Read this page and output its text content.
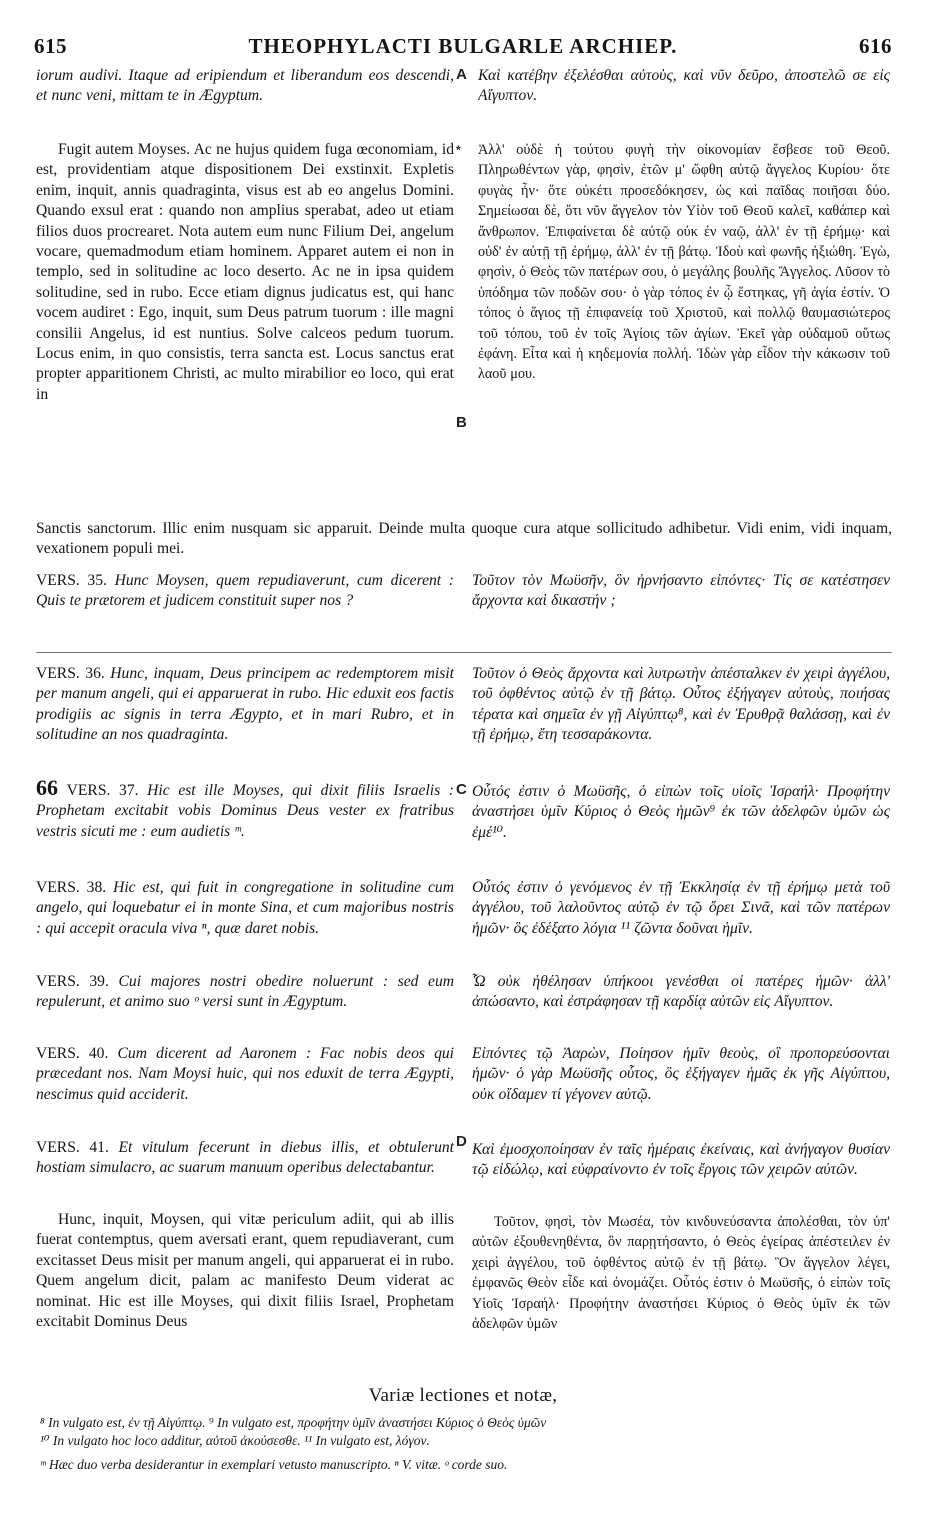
615	THEOPHYLACTI BULGARLE ARCHIEP.	616

iorum audivi. Itaque ad eripiendum et liberandum eos descendi, et nunc veni, mittam te in Ægyptum.

A Καὶ κατέβην ἐξελέσθαι αὐτοὺς, καὶ νῦν δεῦρο, ἀποστελῶ σε εἰς Αἴγυπτον.

Fugit autem Moyses. Ac ne hujus quidem fuga œconomiam, id est, providentiam atque dispositionem Dei exstinxit. Expletis enim, inquit, annis quadraginta, visus est ab eo angelus Domini. Quando exsul erat : quando non amplius sperabat, adeo ut etiam filios duos procrearet. Nota autem eum nunc Filium Dei, angelum vocare, quemadmodum etiam hominem. Apparet autem ei non in templo, sed in solitudine ac loco deserto. Ac ne in ipsa quidem solitudine, sed in rubo. Ecce etiam dignus judicatus est, qui hanc vocem audiret : Ego, inquit, sum Deus patrum tuorum : ille magni consilii Angelus, id est nuntius. Solve calceos pedum tuorum. Locus enim, in quo consistis, terra sancta est. Locus sanctus erat propter apparitionem Christi, ac multo mirabilior eo loco, qui erat in

*
B

Ἀλλ' οὐδὲ ἡ τούτου φυγὴ τὴν οἰκονομίαν ἔσβεσε τοῦ Θεοῦ. Πληρωθέντων γὰρ, φησὶν, ἐτῶν μ' ὤφθη αὐτῷ ἄγγελος Κυρίου· ὅτε φυγὰς ἦν· ὅτε οὐκέτι προσεδόκησεν, ὡς καὶ παῖδας ποιῆσαι δύο. Σημείωσαι δὲ, ὅτι νῦν ἄγγελον τὸν Υἱὸν τοῦ Θεοῦ καλεῖ, καθάπερ καὶ ἄνθρωπον. Ἐπιφαίνεται δὲ αὐτῷ οὐκ ἐν ναῷ, ἀλλ' ἐν τῇ ἐρήμῳ· καὶ οὐδ' ἐν αὐτῇ τῇ ἐρήμῳ, ἀλλ' ἐν τῇ βάτῳ. Ἰδοὺ καὶ φωνῆς ἠξιώθη. Ἐγὼ, φησὶν, ὁ Θεὸς τῶν πατέρων σου, ὁ μεγάλης βουλῆς Ἄγγελος. Λῦσον τὸ ὑπόδημα τῶν ποδῶν σου· ὁ γὰρ τόπος ἐν ᾧ ἕστηκας, γῆ ἁγία ἐστίν. Ὁ τόπος ὁ ἅγιος τῇ ἐπιφανείᾳ τοῦ Χριστοῦ, καὶ πολλῷ θαυμασιώτερος τοῦ τόπου, τοῦ ἐν τοῖς Ἁγίοις τῶν ἁγίων. Ἐκεῖ γὰρ οὐδαμοῦ οὕτως ἐφάνη. Εἶτα καὶ ἡ κηδεμονία πολλή. Ἰδὼν γὰρ εἶδον τὴν κάκωσιν τοῦ λαοῦ μου.

Sanctis sanctorum. Illic enim nusquam sic apparuit. Deinde multa quoque cura atque sollicitudo adhibetur. Vidi enim, vidi inquam, vexationem populi mei.

VERS. 35. Hunc Moysen, quem repudiaverunt, cum dicerent : Quis te prætorem et judicem constituit super nos ?

Τοῦτον τὸν Μωϋσῆν, ὃν ἠρνήσαντο εἰπόντες· Τίς σε κατέστησεν ἄρχοντα καὶ δικαστήν ;

VERS. 36. Hunc, inquam, Deus principem ac redemptorem misit per manum angeli, qui ei apparuerat in rubo. Hic eduxit eos factis prodigiis ac signis in terra Ægypto, et in mari Rubro, et in solitudine an nos quadraginta.

Τοῦτον ὁ Θεὸς ἄρχοντα καὶ λυτρωτὴν ἀπέσταλκεν ἐν χειρὶ ἀγγέλου, τοῦ ὀφθέντος αὐτῷ ἐν τῇ βάτῳ. Οὗτος ἐξήγαγεν αὐτοὺς, ποιήσας τέρατα καὶ σημεῖα ἐν γῇ Αἰγύπτῳ⁸, καὶ ἐν Ἐρυθρᾷ θαλάσσῃ, καὶ ἐν τῇ ἐρήμῳ, ἔτη τεσσαράκοντα.

66 VERS. 37. Hic est ille Moyses, qui dixit filiis Israelis : Prophetam excitabit vobis Dominus Deus vester ex fratribus vestris sicuti me : eum audietis ᵐ.

C Οὗτός ἐστιν ὁ Μωϋσῆς, ὁ εἰπὼν τοῖς υἱοῖς Ἰσραήλ· Προφήτην ἀναστήσει ὑμῖν Κύριος ὁ Θεὸς ἡμῶν⁹ ἐκ τῶν ἀδελφῶν ὑμῶν ὡς ἐμέ¹⁰.

VERS. 38. Hic est, qui fuit in congregatione in solitudine cum angelo, qui loquebatur ei in monte Sina, et cum majoribus nostris : qui accepit oracula viva ⁿ, quæ daret nobis.

Οὗτός ἐστιν ὁ γενόμενος ἐν τῇ Ἐκκλησίᾳ ἐν τῇ ἐρήμῳ μετὰ τοῦ ἀγγέλου, τοῦ λαλοῦντος αὐτῷ ἐν τῷ ὄρει Σινᾶ, καὶ τῶν πατέρων ἡμῶν· ὃς ἐδέξατο λόγια ¹¹ ζῶντα δοῦναι ἡμῖν.

VERS. 39. Cui majores nostri obedire noluerunt : sed eum repulerunt, et animo suo ᵒ versi sunt in Ægyptum.

Ὧ οὐκ ἠθέλησαν ὑπήκοοι γενέσθαι οἱ πατέρες ἡμῶν· ἀλλ' ἀπώσαντο, καὶ ἐστράφησαν τῇ καρδίᾳ αὐτῶν εἰς Αἴγυπτον.

VERS. 40. Cum dicerent ad Aaronem : Fac nobis deos qui præcedant nos. Nam Moysi huic, qui nos eduxit de terra Ægypti, nescimus quid acciderit.

Εἰπόντες τῷ Ἀαρὼν, Ποίησον ἡμῖν θεοὺς, οἳ προπορεύσονται ἡμῶν· ὁ γὰρ Μωϋσῆς οὗτος, ὃς ἐξήγαγεν ἡμᾶς ἐκ γῆς Αἰγύπτου, οὐκ οἴδαμεν τί γέγονεν αὐτῷ.

VERS. 41. Et vitulum fecerunt in diebus illis, et obtulerunt hostiam simulacro, ac suarum manuum operibus delectabantur.

D Καὶ ἐμοσχοποίησαν ἐν ταῖς ἡμέραις ἐκείναις, καὶ ἀνήγαγον θυσίαν τῷ εἰδώλῳ, καὶ εὐφραίνοντο ἐν τοῖς ἔργοις τῶν χειρῶν αὐτῶν.

Hunc, inquit, Moysen, qui vitæ periculum adiit, qui ab illis fuerat contemptus, quem aversati erant, quem repudiaverant, cum excitasset Deus misit per manum angeli, qui apparuerat ei in rubo. Quem angelum dicit, palam ac manifesto Deum viderat ac nominat. Hic est ille Moyses, qui dixit filiis Israel, Prophetam excitabit Dominus Deus

Τοῦτον, φησὶ, τὸν Μωσέα, τὸν κινδυνεύσαντα ἀπολέσθαι, τὸν ὑπ' αὐτῶν ἐξουθενηθέντα, ὃν παρῃτήσαντο, ὁ Θεὸς ἐγείρας ἀπέστειλεν ἐν χειρὶ ἀγγέλου, τοῦ ὀφθέντος αὐτῷ ἐν τῇ βάτῳ. Ὃν ἄγγελον λέγει, ἐμφανῶς Θεὸν εἶδε καὶ ὀνομάζει. Οὗτός ἐστιν ὁ Μωϋσῆς, ὁ εἰπὼν τοῖς Υἱοῖς Ἰσραήλ· Προφήτην ἀναστήσει Κύριος ὁ Θεὸς ὑμῖν ἐκ τῶν ἀδελφῶν ὑμῶν

Variæ lectiones et notæ,
⁸ In vulgato est, ἐν τῇ Αἰγύπτῳ. ⁹ In vulgato est, προφήτην ὑμῖν ἀναστήσει Κύριος ὁ Θεὸς ὑμῶν
¹⁰ In vulgato hoc loco additur, αὐτοῦ ἀκούσεσθε. ¹¹ In vulgato est, λόγον.
ᵐ Hæc duo verba desiderantur in exemplari vetusto manuscripto. ⁿ V. vitæ. ᵒ corde suo.
